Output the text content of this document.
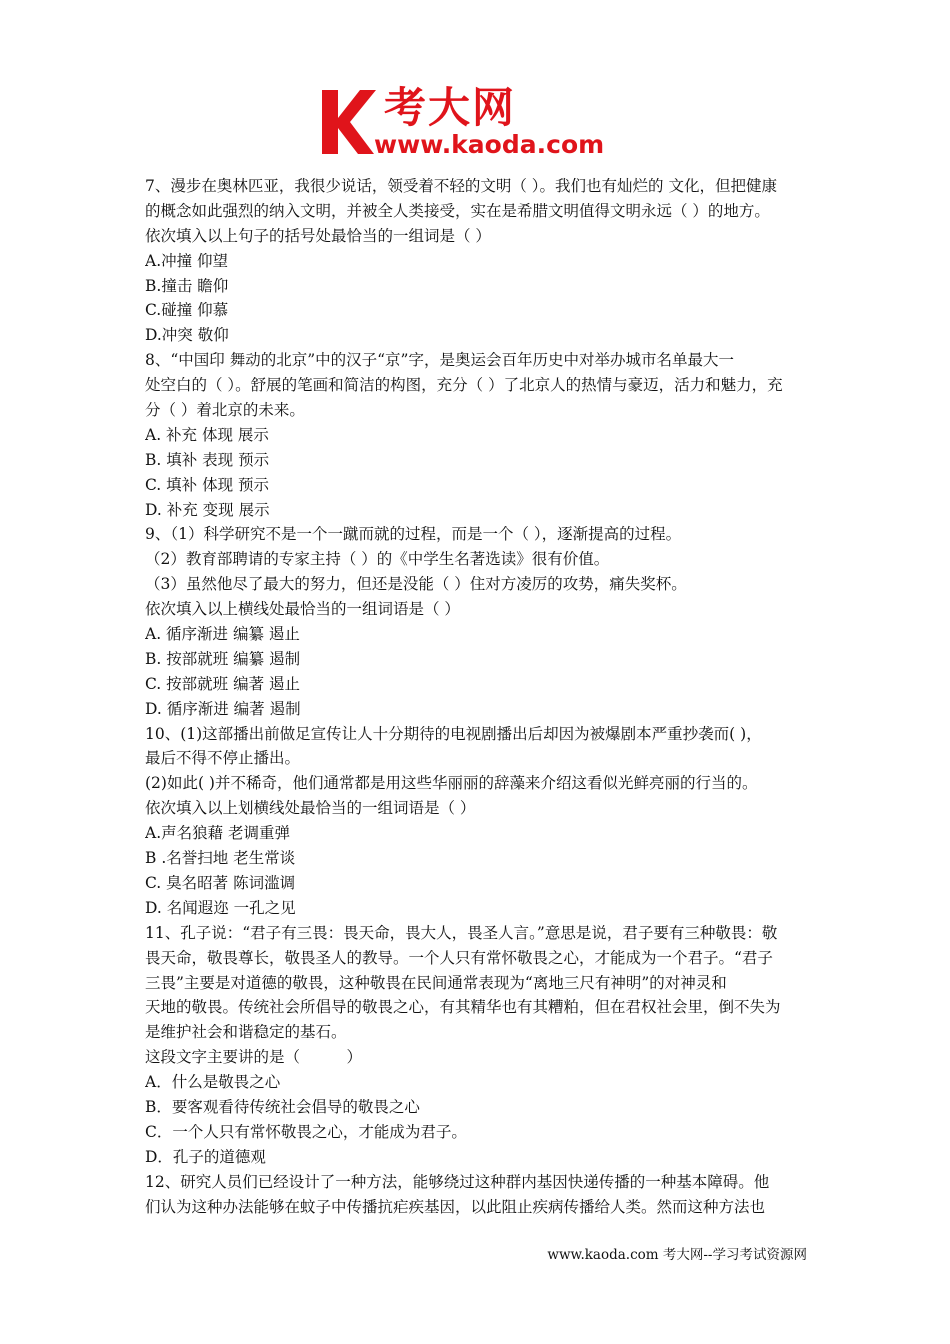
考大网
www.kaoda.com
7、漫步在奥林匹亚，我很少说话，领受着不轻的文明（ ）。我们也有灿烂的 文化，但把健康
的概念如此强烈的纳入文明，并被全人类接受，实在是希腊文明值得文明永远（ ）的地方。
依次填入以上句子的括号处最恰当的一组词是（ ）
A.冲撞 仰望
B.撞击 瞻仰
C.碰撞 仰慕
D.冲突 敬仰
8、“中国印 舞动的北京”中的汉子“京”字，是奥运会百年历史中对举办城市名单最大一
处空白的（ ）。舒展的笔画和简洁的构图，充分（ ）了北京人的热情与豪迈，活力和魅力，充
分（ ）着北京的未来。
A. 补充 体现 展示
B. 填补 表现 预示
C. 填补 体现 预示
D. 补充 变现 展示
9、（1）科学研究不是一个一蹴而就的过程，而是一个（ ），逐渐提高的过程。
（2）教育部聘请的专家主持（ ）的《中学生名著选读》很有价值。
（3）虽然他尽了最大的努力，但还是没能（ ）住对方凌厉的攻势，痛失奖杯。
依次填入以上横线处最恰当的一组词语是（ ）
A. 循序渐进 编纂 遏止
B. 按部就班 编纂 遏制
C. 按部就班 编著 遏止
D. 循序渐进 编著 遏制
10、(1)这部播出前做足宣传让人十分期待的电视剧播出后却因为被爆剧本严重抄袭而( )，
最后不得不停止播出。
(2)如此( )并不稀奇，他们通常都是用这些华丽丽的辞藻来介绍这看似光鲜亮丽的行当的。
依次填入以上划横线处最恰当的一组词语是（ ）
A.声名狼藉 老调重弹
B .名誉扫地 老生常谈
C. 臭名昭著 陈词滥调
D. 名闻遐迩 一孔之见
11、孔子说：“君子有三畏：畏天命，畏大人，畏圣人言。”意思是说，君子要有三种敬畏：敬
畏天命，敬畏尊长，敬畏圣人的教导。一个人只有常怀敬畏之心，才能成为一个君子。“君子
三畏”主要是对道德的敬畏，这种敬畏在民间通常表现为“离地三尺有神明”的对神灵和
天地的敬畏。传统社会所倡导的敬畏之心，有其精华也有其糟粕，但在君权社会里，倒不失为
是维护社会和谐稳定的基石。
这段文字主要讲的是（　　　）
A．什么是敬畏之心
B．要客观看待传统社会倡导的敬畏之心
C．一个人只有常怀敬畏之心，才能成为君子。
D．孔子的道德观
12、研究人员们已经设计了一种方法，能够绕过这种群内基因快递传播的一种基本障碍。他
们认为这种办法能够在蚊子中传播抗疟疾基因，以此阻止疾病传播给人类。然而这种方法也
www.kaoda.com 考大网--学习考试资源网
